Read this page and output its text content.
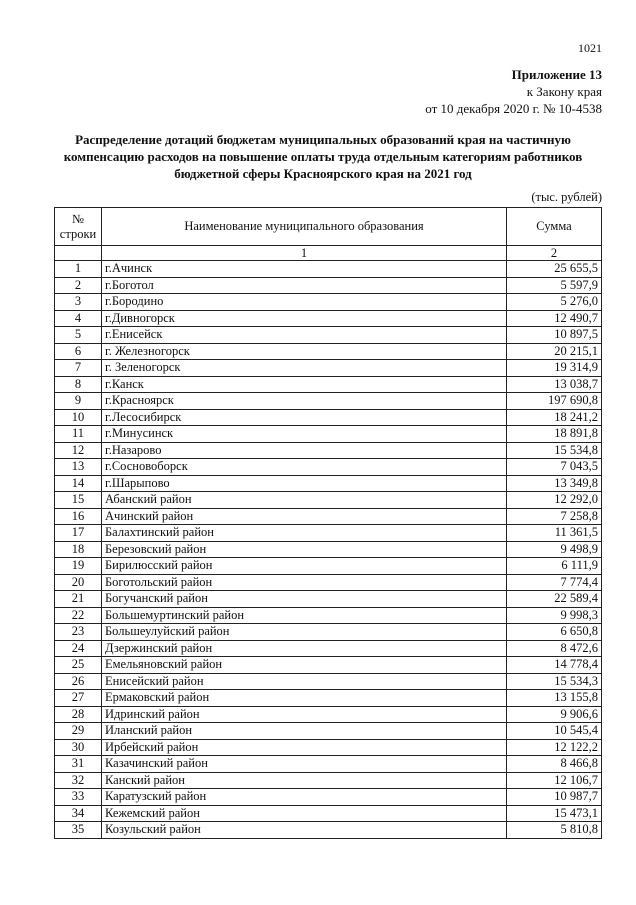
1021
Приложение 13
к Закону края
от 10 декабря 2020 г. № 10-4538
Распределение дотаций бюджетам муниципальных образований края на частичную компенсацию расходов на повышение оплаты труда отдельным категориям работников бюджетной сферы Красноярского края на 2021 год
(тыс. рублей)
№
строки	Наименование муниципального образования	Сумма
	1	2
1	г.Ачинск	25 655,5
2	г.Боготол	5 597,9
3	г.Бородино	5 276,0
4	г.Дивногорск	12 490,7
5	г.Енисейск	10 897,5
6	г. Железногорск	20 215,1
7	г. Зеленогорск	19 314,9
8	г.Канск	13 038,7
9	г.Красноярск	197 690,8
10	г.Лесосибирск	18 241,2
11	г.Минусинск	18 891,8
12	г.Назарово	15 534,8
13	г.Сосновоборск	7 043,5
14	г.Шарыпово	13 349,8
15	Абанский район	12 292,0
16	Ачинский район	7 258,8
17	Балахтинский район	11 361,5
18	Березовский район	9 498,9
19	Бирилюсский район	6 111,9
20	Боготольский район	7 774,4
21	Богучанский район	22 589,4
22	Большемуртинский район	9 998,3
23	Большеулуйский район	6 650,8
24	Дзержинский район	8 472,6
25	Емельяновский район	14 778,4
26	Енисейский район	15 534,3
27	Ермаковский район	13 155,8
28	Идринский район	9 906,6
29	Иланский район	10 545,4
30	Ирбейский район	12 122,2
31	Казачинский район	8 466,8
32	Канский район	12 106,7
33	Каратузский район	10 987,7
34	Кежемский район	15 473,1
35	Козульский район	5 810,8
